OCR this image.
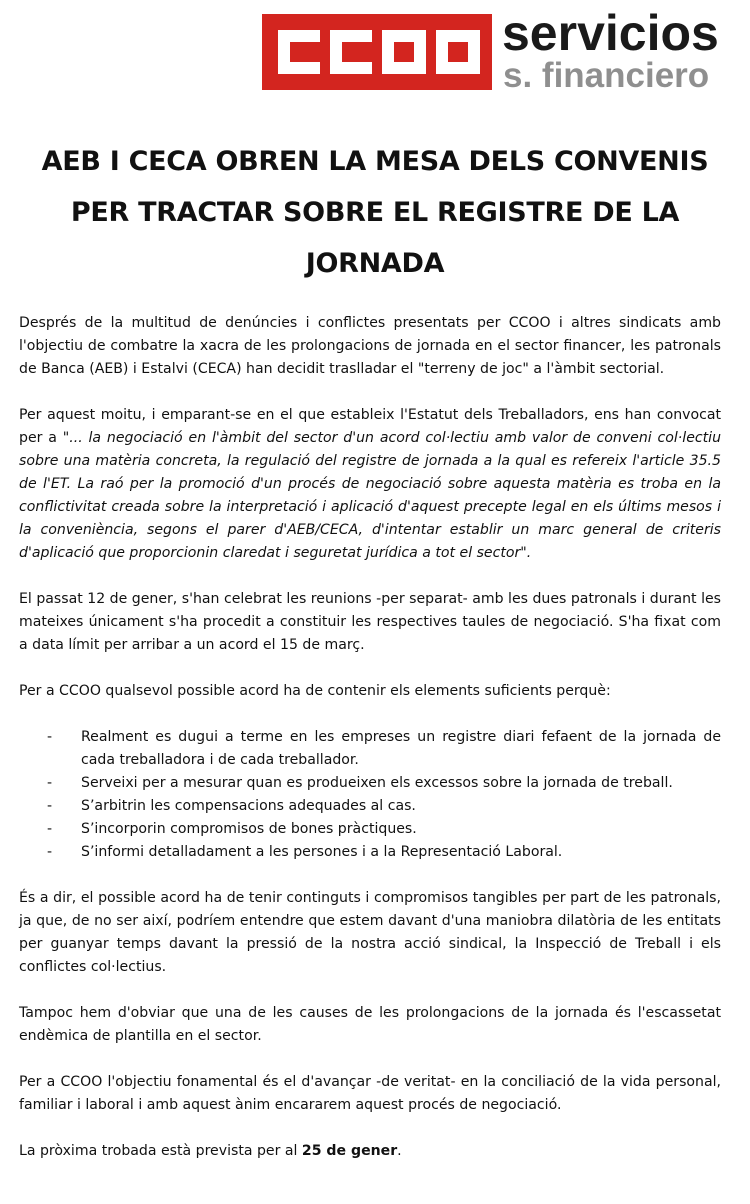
servicios
s. financiero
AEB I CECA OBREN LA MESA DELS CONVENIS PER TRACTAR SOBRE EL REGISTRE DE LA JORNADA

Després de la multitud de denúncies i conflictes presentats per CCOO i altres sindicats amb l'objectiu de combatre la xacra de les prolongacions de jornada en el sector financer, les patronals de Banca (AEB) i Estalvi (CECA) han decidit traslladar el "terreny de joc" a l'àmbit sectorial.

Per aquest moitu, i emparant-se en el que estableix l'Estatut dels Treballadors, ens han convocat per a "... la negociació en l'àmbit del sector d'un acord col·lectiu amb valor de conveni col·lectiu sobre una matèria concreta, la regulació del registre de jornada a la qual es refereix l'article 35.5 de l'ET. La raó per la promoció d'un procés de negociació sobre aquesta matèria es troba en la conflictivitat creada sobre la interpretació i aplicació d'aquest precepte legal en els últims mesos i la conveniència, segons el parer d'AEB/CECA, d'intentar establir un marc general de criteris d'aplicació que proporcionin claredat i seguretat jurídica a tot el sector".

El passat 12 de gener, s'han celebrat les reunions -per separat- amb les dues patronals i durant les mateixes únicament s'ha procedit a constituir les respectives taules de negociació. S'ha fixat com a data límit per arribar a un acord el 15 de març.

Per a CCOO qualsevol possible acord ha de contenir els elements suficients perquè:

- Realment es dugui a terme en les empreses un registre diari fefaent de la jornada de cada treballadora i de cada treballador.
- Serveixi per a mesurar quan es produeixen els excessos sobre la jornada de treball.
- S’arbitrin les compensacions adequades al cas.
- S’incorporin compromisos de bones pràctiques.
- S’informi detalladament a les persones i a la Representació Laboral.

És a dir, el possible acord ha de tenir continguts i compromisos tangibles per part de les patronals, ja que, de no ser així, podríem entendre que estem davant d'una maniobra dilatòria de les entitats per guanyar temps davant la pressió de la nostra acció sindical, la Inspecció de Treball i els conflictes col·lectius.

Tampoc hem d'obviar que una de les causes de les prolongacions de la jornada és l'escassetat endèmica de plantilla en el sector.

Per a CCOO l'objectiu fonamental és el d'avançar -de veritat- en la conciliació de la vida personal, familiar i laboral i amb aquest ànim encararem aquest procés de negociació.

La pròxima trobada està prevista per al 25 de gener.
